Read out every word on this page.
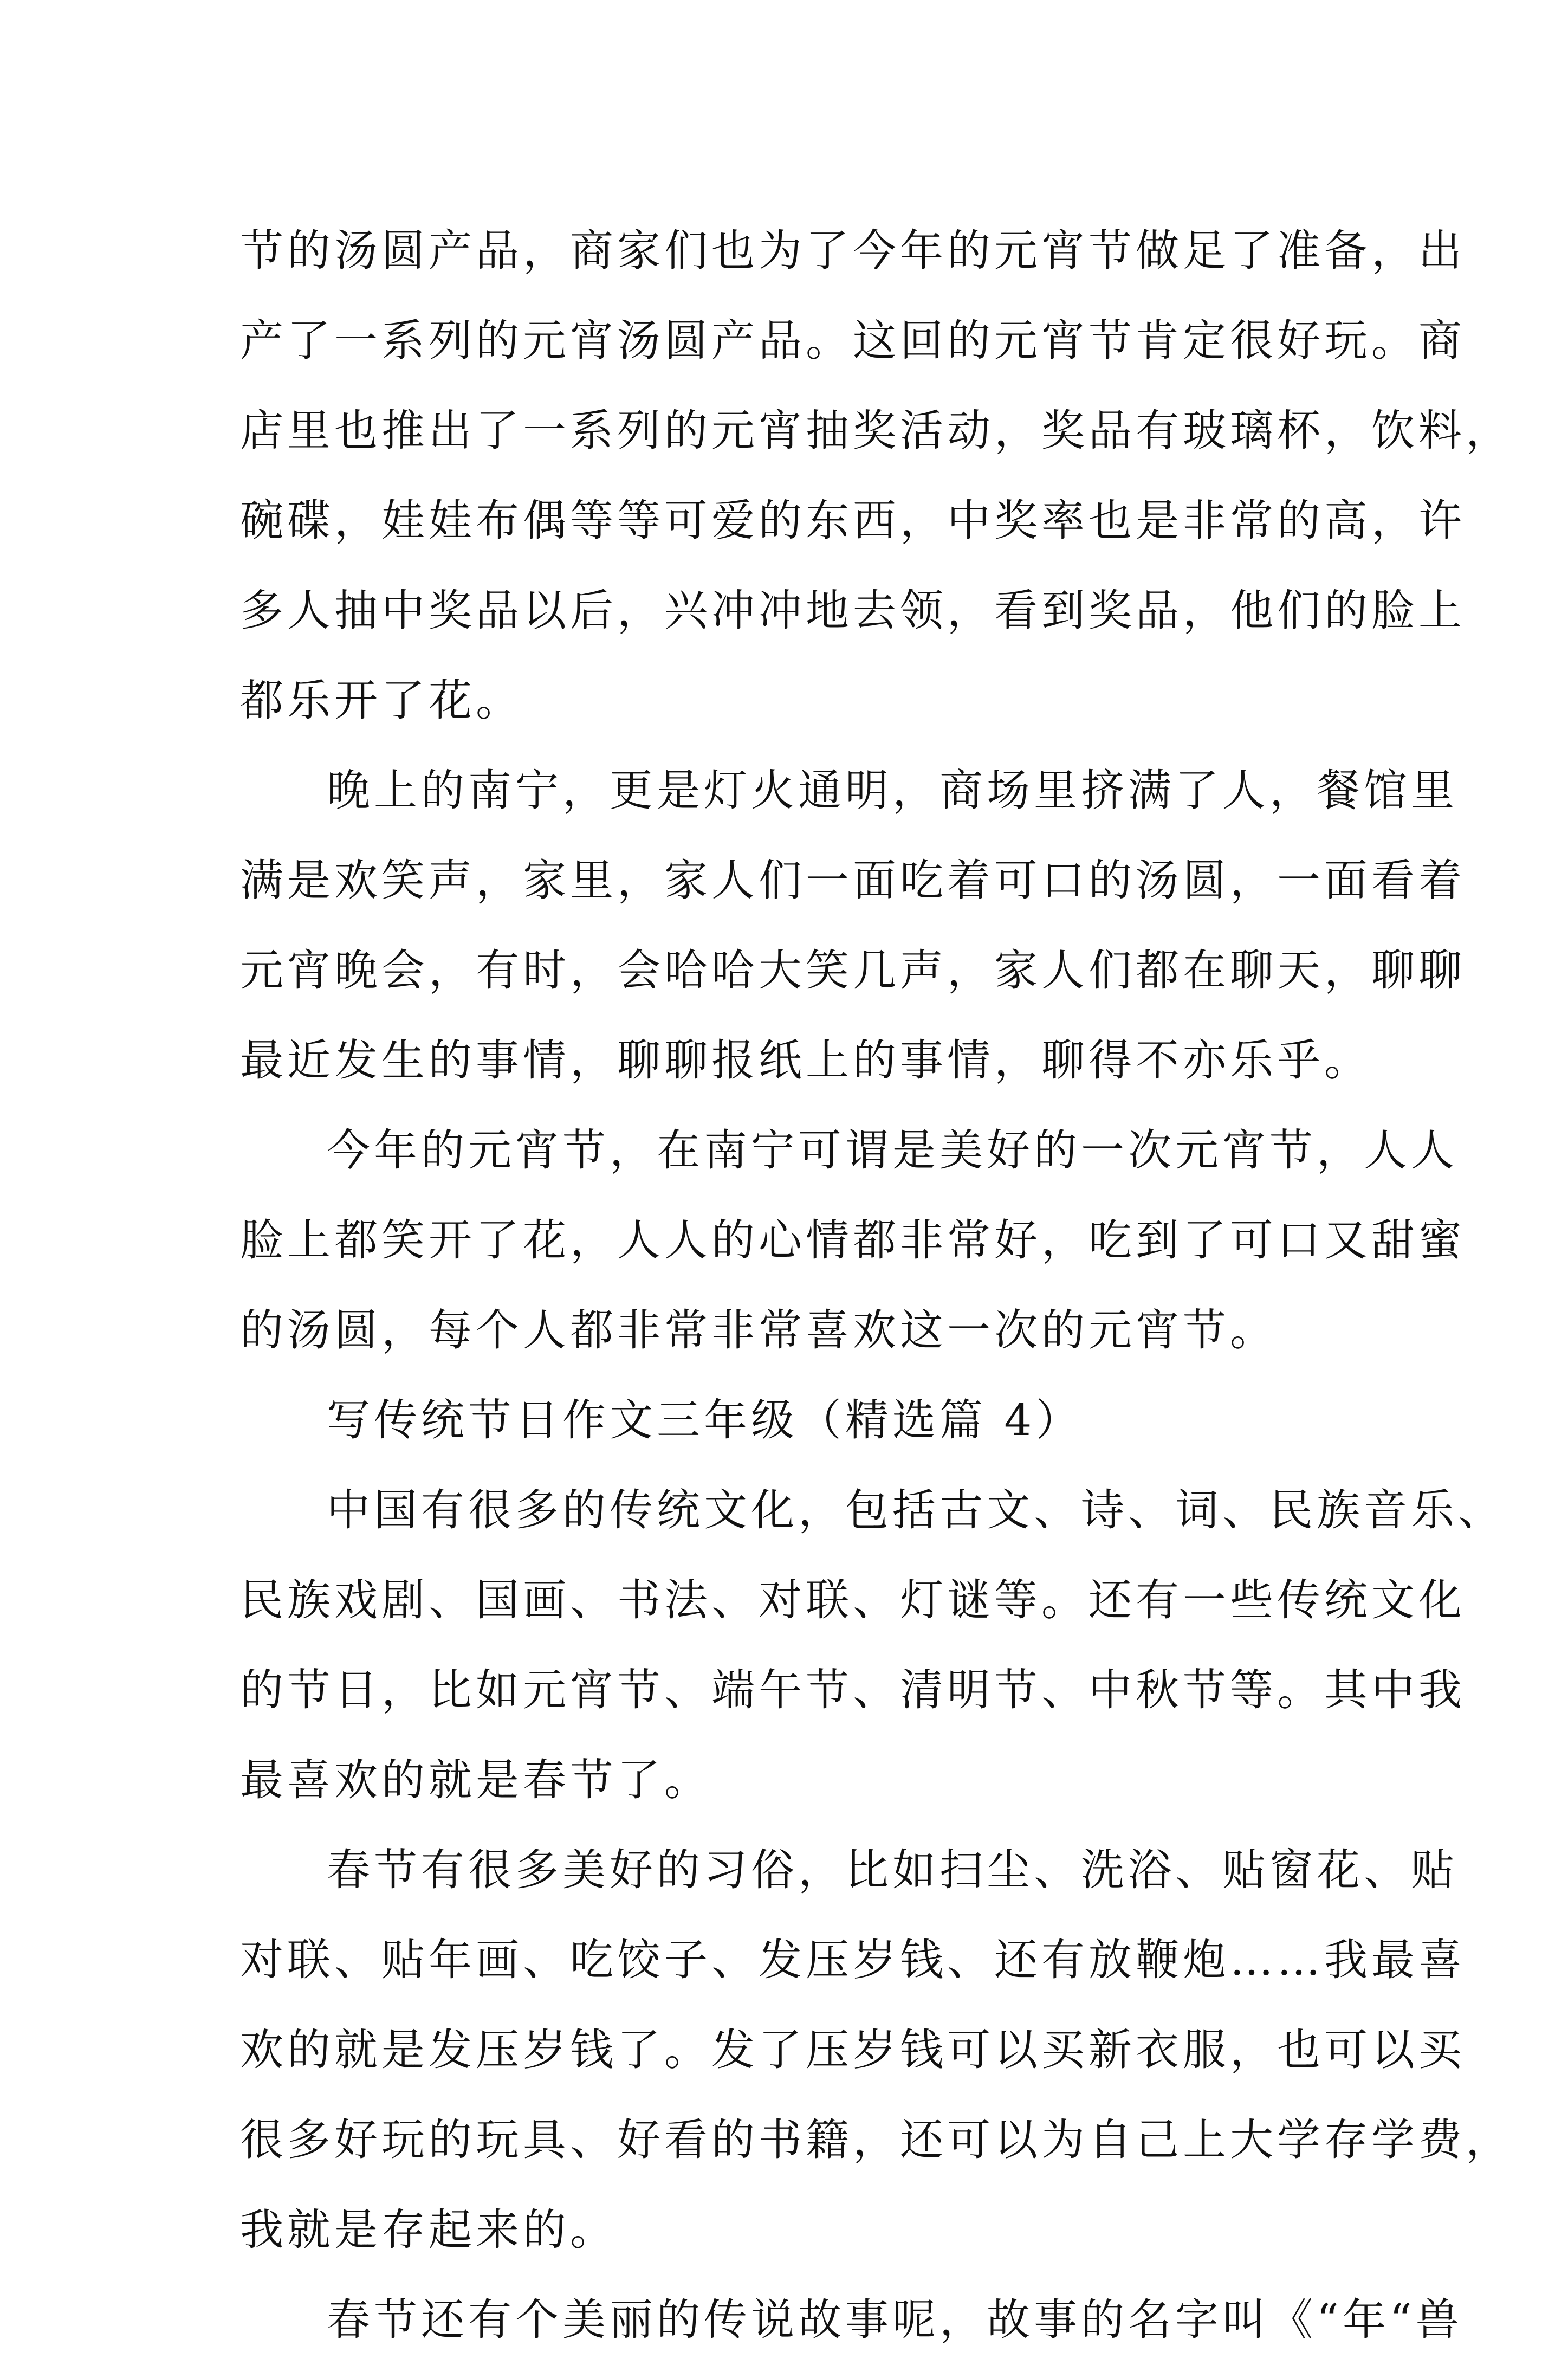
节的汤圆产品，商家们也为了今年的元宵节做足了准备，出
产了一系列的元宵汤圆产品。这回的元宵节肯定很好玩。商
店里也推出了一系列的元宵抽奖活动，奖品有玻璃杯，饮料，
碗碟，娃娃布偶等等可爱的东西，中奖率也是非常的高，许
多人抽中奖品以后，兴冲冲地去领，看到奖品，他们的脸上
都乐开了花。
晚上的南宁，更是灯火通明，商场里挤满了人，餐馆里
满是欢笑声，家里，家人们一面吃着可口的汤圆，一面看着
元宵晚会，有时，会哈哈大笑几声，家人们都在聊天，聊聊
最近发生的事情，聊聊报纸上的事情，聊得不亦乐乎。
今年的元宵节，在南宁可谓是美好的一次元宵节，人人
脸上都笑开了花，人人的心情都非常好，吃到了可口又甜蜜
的汤圆，每个人都非常非常喜欢这一次的元宵节。
写传统节日作文三年级（精选篇 4）
中国有很多的传统文化，包括古文、诗、词、民族音乐、
民族戏剧、国画、书法、对联、灯谜等。还有一些传统文化
的节日，比如元宵节、端午节、清明节、中秋节等。其中我
最喜欢的就是春节了。
春节有很多美好的习俗，比如扫尘、洗浴、贴窗花、贴
对联、贴年画、吃饺子、发压岁钱、还有放鞭炮……我最喜
欢的就是发压岁钱了。发了压岁钱可以买新衣服，也可以买
很多好玩的玩具、好看的书籍，还可以为自己上大学存学费，
我就是存起来的。
春节还有个美丽的传说故事呢，故事的名字叫《“年“兽
